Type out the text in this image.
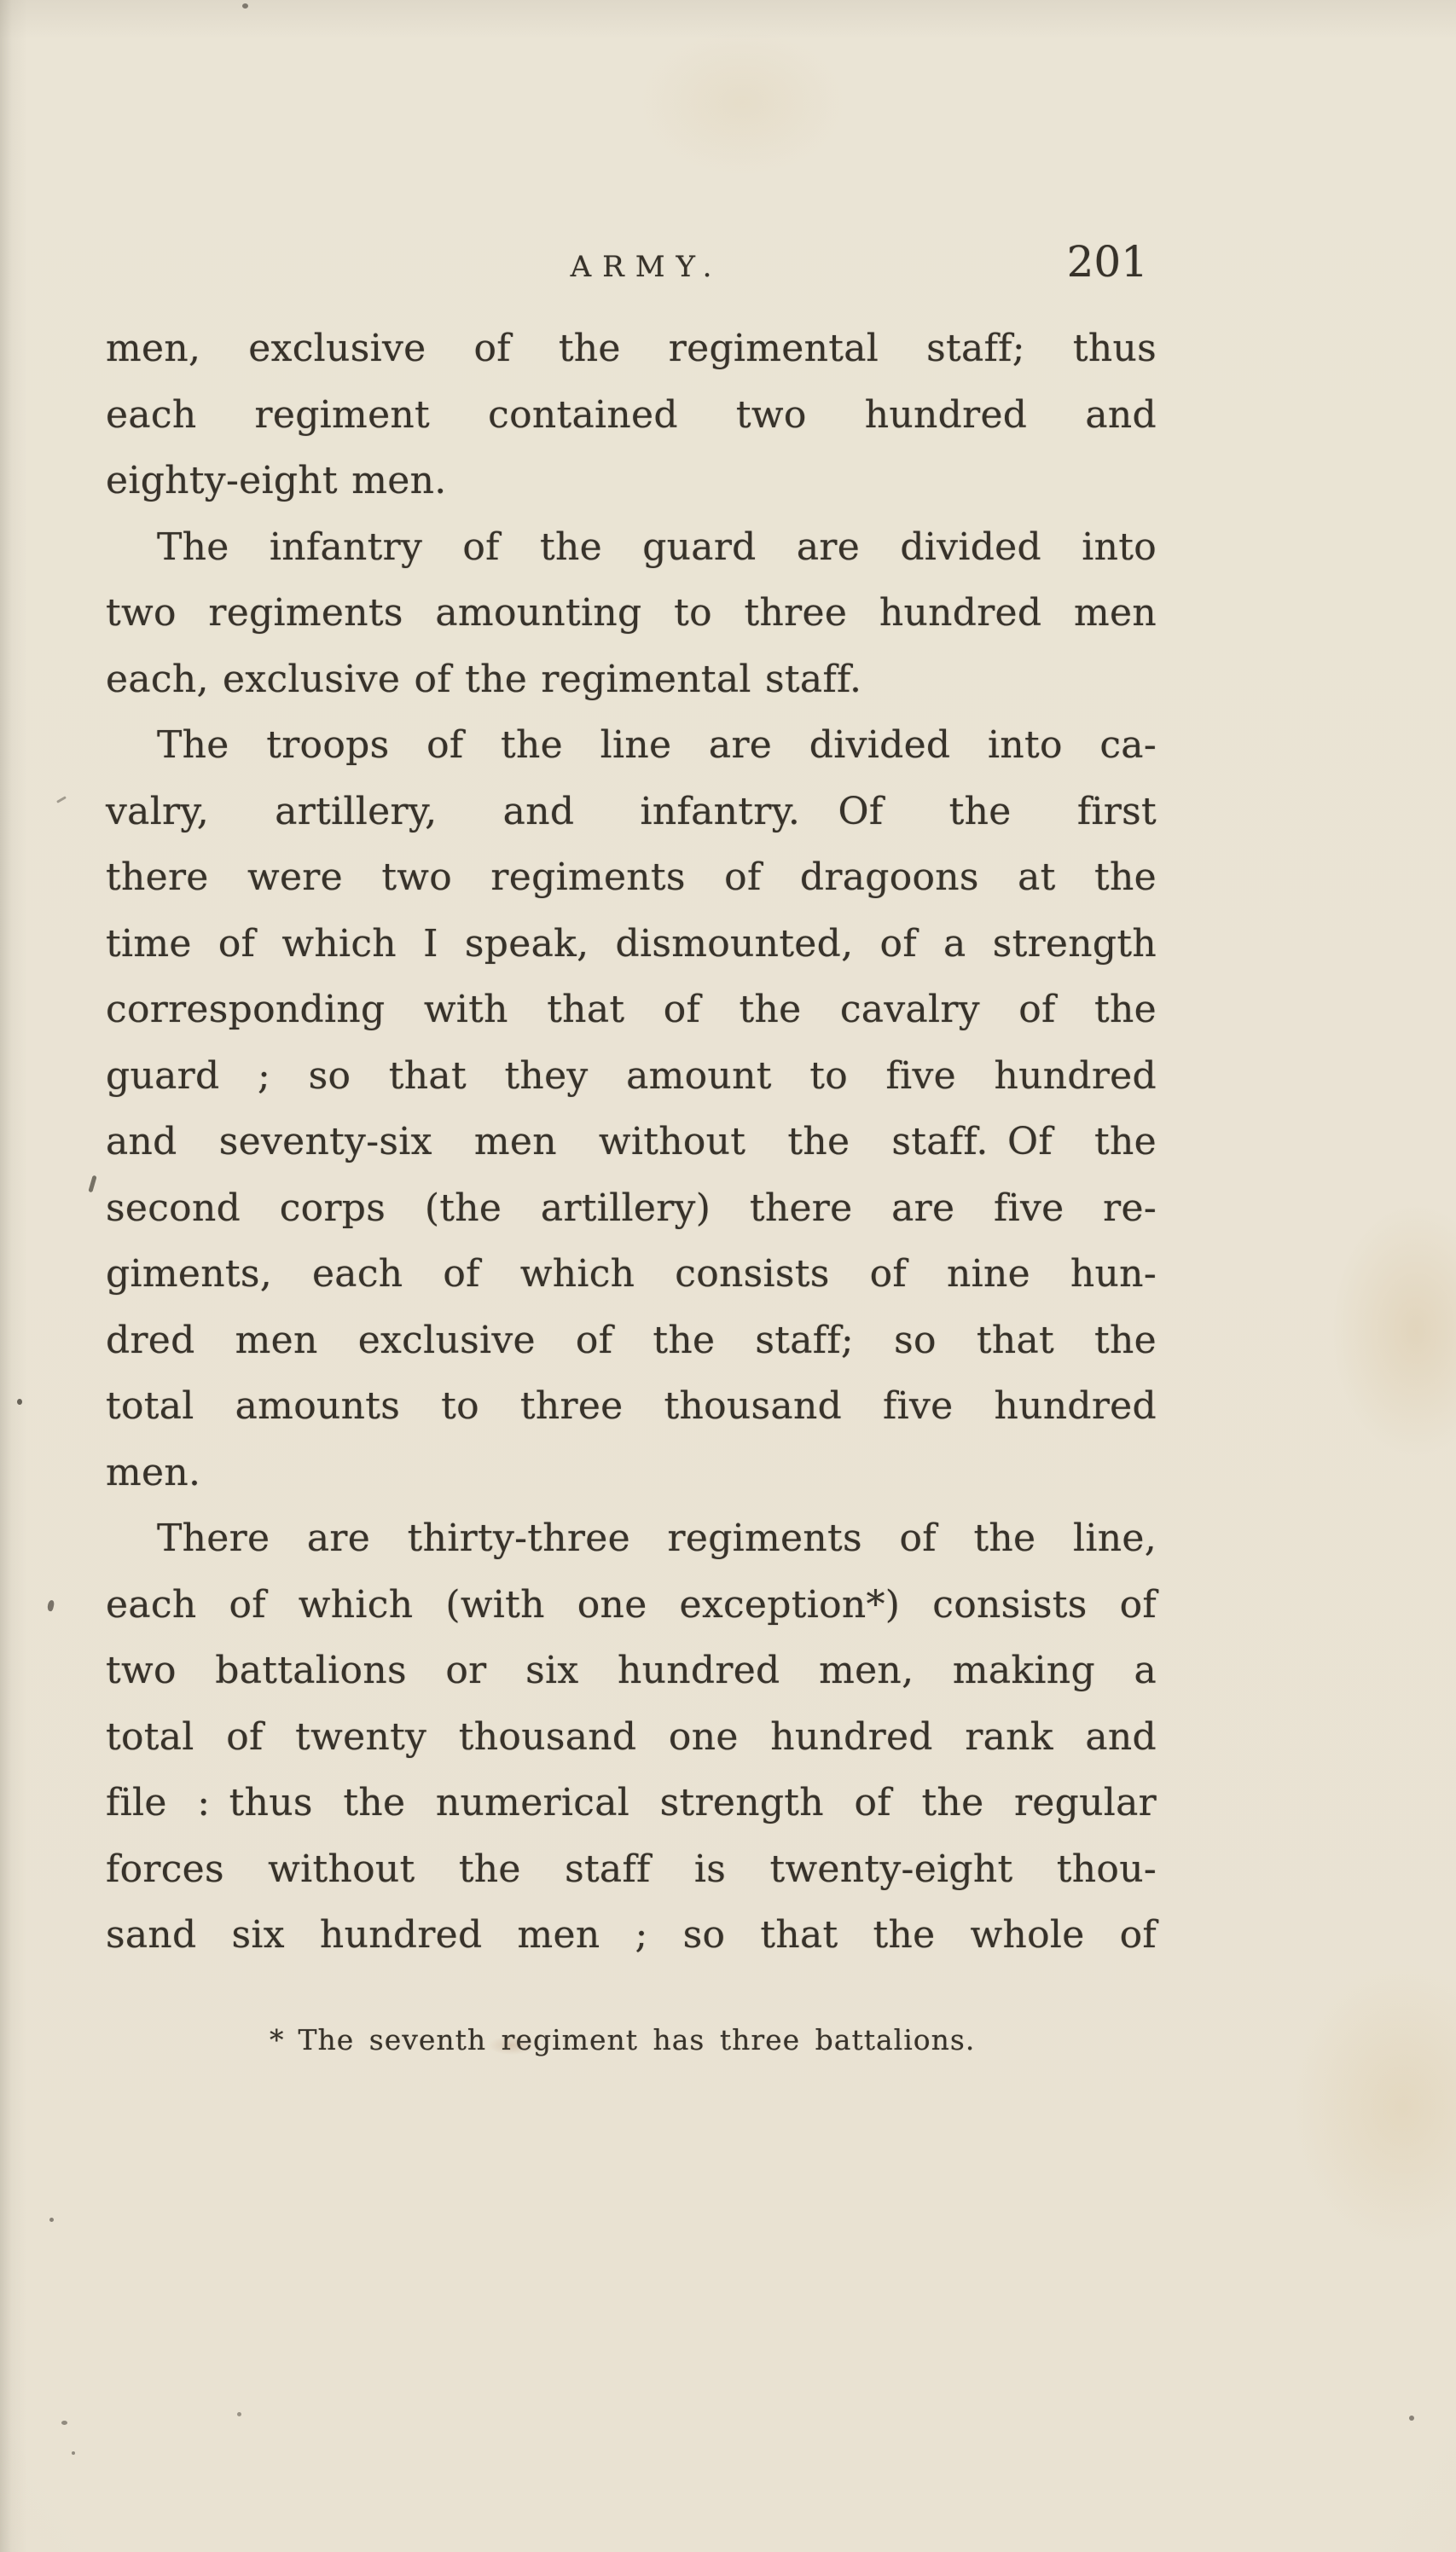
ARMY.	201
men, exclusive of the regimental staff; thus
each regiment contained two hundred and
eighty-eight men.
The infantry of the guard are divided into
two regiments amounting to three hundred men
each, exclusive of the regimental staff.
The troops of the line are divided into ca-
valry, artillery, and infantry. Of the first
there were two regiments of dragoons at the
time of which I speak, dismounted, of a strength
corresponding with that of the cavalry of the
guard ; so that they amount to five hundred
and seventy-six men without the staff. Of the
second corps (the artillery) there are five re-
giments, each of which consists of nine hun-
dred men exclusive of the staff; so that the
total amounts to three thousand five hundred
men.
There are thirty-three regiments of the line,
each of which (with one exception*) consists of
two battalions or six hundred men, making a
total of twenty thousand one hundred rank and
file : thus the numerical strength of the regular
forces without the staff is twenty-eight thou-
sand six hundred men ; so that the whole of
* The seventh regiment has three battalions.
